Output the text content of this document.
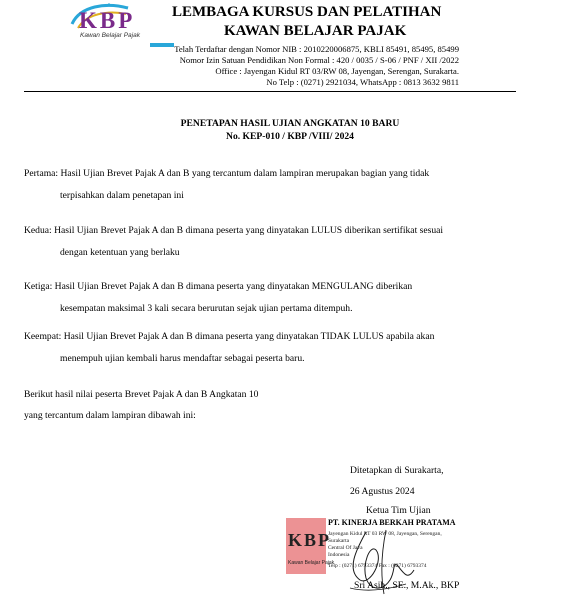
KBP
Kawan Belajar Pajak
LEMBAGA KURSUS DAN PELATIHAN
KAWAN BELAJAR PAJAK
Telah Terdaftar dengan Nomor NIB : 2010220006875, KBLI 85491, 85495, 85499
Nomor Izin Satuan Pendidikan Non Formal : 420 / 0035 / S-06 / PNF / XII /2022
Office : Jayengan Kidul RT 03/RW 08, Jayengan, Serengan, Surakarta.
No Telp : (0271) 2921034, WhatsApp : 0813 3632 9811
PENETAPAN HASIL UJIAN ANGKATAN 10 BARU
No. KEP-010 / KBP /VIII/ 2024
Pertama: Hasil Ujian Brevet Pajak A dan B yang tercantum dalam lampiran merupakan bagian yang tidak
terpisahkan dalam penetapan ini
Kedua: Hasil Ujian Brevet Pajak A dan B dimana peserta yang dinyatakan LULUS diberikan sertifikat sesuai
dengan ketentuan yang berlaku
Ketiga: Hasil Ujian Brevet Pajak A dan B dimana peserta yang dinyatakan MENGULANG diberikan
kesempatan maksimal 3 kali secara berurutan sejak ujian pertama ditempuh.
Keempat: Hasil Ujian Brevet Pajak A dan B dimana peserta yang dinyatakan TIDAK LULUS apabila akan
menempuh ujian kembali harus mendaftar sebagai peserta baru.
Berikut hasil nilai peserta Brevet Pajak A dan B Angkatan 10
yang tercantum dalam lampiran dibawah ini:
Ditetapkan di Surakarta,
26 Agustus 2024
Ketua Tim Ujian
KBP
Kawan Belajar Pajak
PT. KINERJA BERKAH PRATAMA
Jayengan Kidul RT 03 RW 08, Jayengan, Serengan,
Surakarta
Central Of Java
Indonesia
Telp : (0271) 6793374 Fax : (0271) 6793374
Sri Asih., SE., M.Ak., BKP
